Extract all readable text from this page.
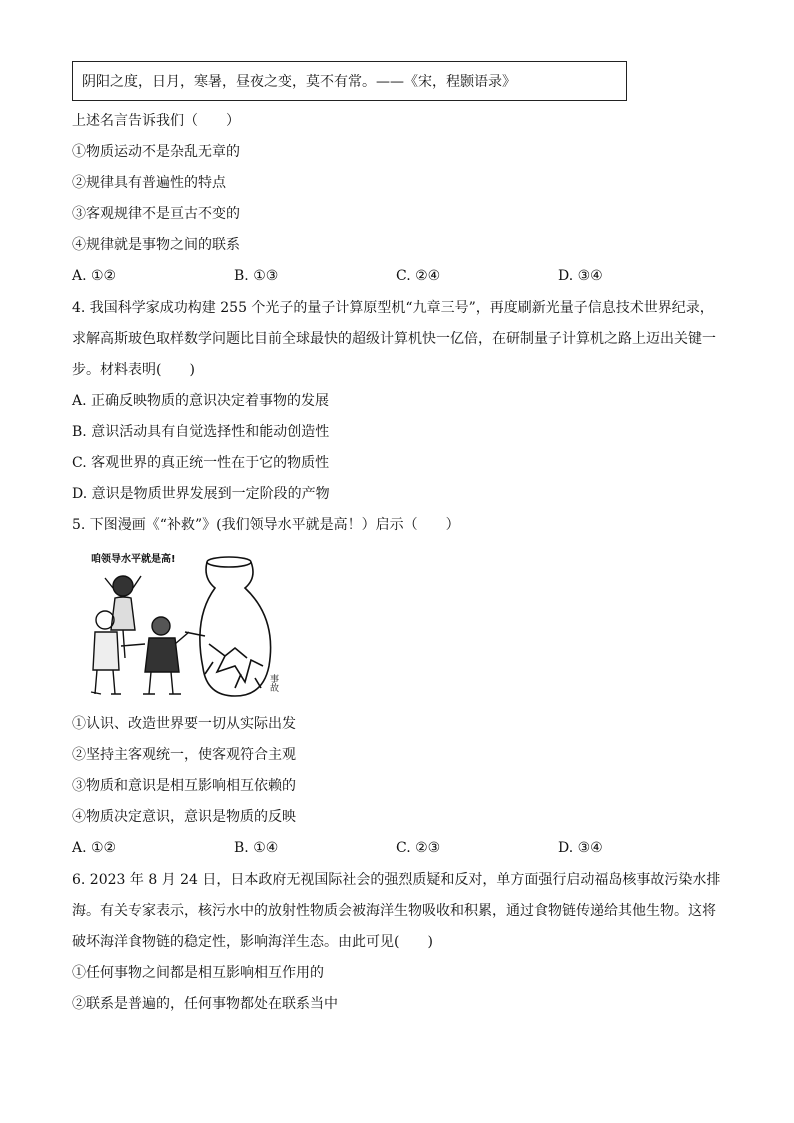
阴阳之度，日月，寒暑，昼夜之变，莫不有常。——《宋，程颢语录》
上述名言告诉我们（　　）
①物质运动不是杂乱无章的
②规律具有普遍性的特点
③客观规律不是亘古不变的
④规律就是事物之间的联系
A. ①②	B. ①③	C. ②④	D. ③④
4. 我国科学家成功构建 255 个光子的量子计算原型机“九章三号”，再度刷新光量子信息技术世界纪录，
求解高斯玻色取样数学问题比目前全球最快的超级计算机快一亿倍，在研制量子计算机之路上迈出关键一
步。材料表明(　　)
A. 正确反映物质的意识决定着事物的发展
B. 意识活动具有自觉选择性和能动创造性
C. 客观世界的真正统一性在于它的物质性
D. 意识是物质世界发展到一定阶段的产物
5. 下图漫画《“补救”》(我们领导水平就是高！）启示（　　）
咱领导水平就是高!
事故
①认识、改造世界要一切从实际出发
②坚持主客观统一，使客观符合主观
③物质和意识是相互影响相互依赖的
④物质决定意识，意识是物质的反映
A. ①②	B. ①④	C. ②③	D. ③④
6. 2023 年 8 月 24 日，日本政府无视国际社会的强烈质疑和反对，单方面强行启动福岛核事故污染水排
海。有关专家表示，核污水中的放射性物质会被海洋生物吸收和积累，通过食物链传递给其他生物。这将
破坏海洋食物链的稳定性，影响海洋生态。由此可见(　　)
①任何事物之间都是相互影响相互作用的
②联系是普遍的，任何事物都处在联系当中
